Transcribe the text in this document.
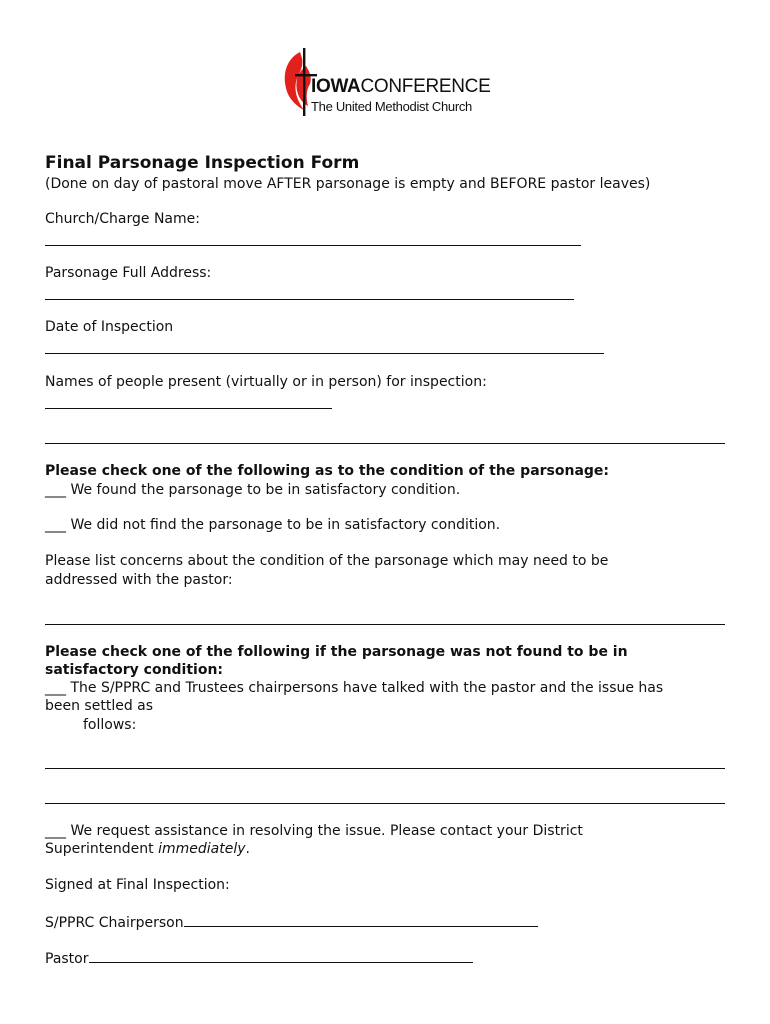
IOWACONFERENCE
The United Methodist Church
Final Parsonage Inspection Form
(Done on day of pastoral move AFTER parsonage is empty and BEFORE pastor leaves)
Church/Charge Name:
Parsonage Full Address:
Date of Inspection
Names of people present (virtually or in person) for inspection:
Please check one of the following as to the condition of the parsonage:
___ We found the parsonage to be in satisfactory condition.
___ We did not find the parsonage to be in satisfactory condition.
Please list concerns about the condition of the parsonage which may need to be
addressed with the pastor:
Please check one of the following if the parsonage was not found to be in
satisfactory condition:
___ The S/PPRC and Trustees chairpersons have talked with the pastor and the issue has
been settled as
follows:
___ We request assistance in resolving the issue. Please contact your District
Superintendent immediately.
Signed at Final Inspection:
S/PPRC Chairperson
Pastor
